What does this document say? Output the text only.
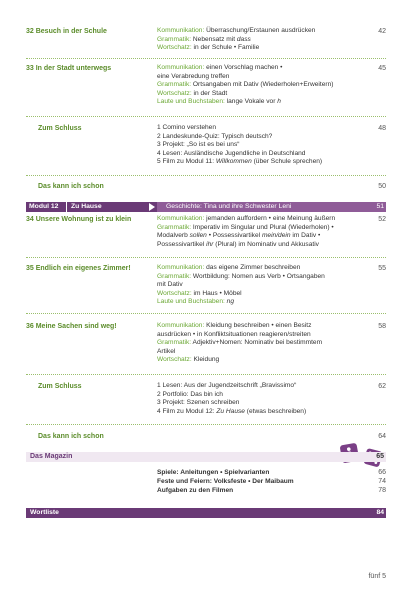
32 Besuch in der Schule	Kommunikation: Überraschung/Erstaunen ausdrücken
Grammatik: Nebensatz mit dass
Wortschatz: in der Schule • Familie
42
33 In der Stadt unterwegs	Kommunikation: einen Vorschlag machen •
eine Verabredung treffen
Grammatik: Ortsangaben mit Dativ (Wiederholen+Erweitern)
Wortschatz: in der Stadt
Laute und Buchstaben: lange Vokale vor h
45
Zum Schluss	1 Comino verstehen
2 Landeskunde-Quiz: Typisch deutsch?
3 Projekt: „So ist es bei uns“
4 Lesen: Ausländische Jugendliche in Deutschland
5 Film zu Modul 11: Willkommen (über Schule sprechen)
48
Das kann ich schon	50
Modul 12	Zu Hause	Geschichte: Tina und ihre Schwester Leni	51
34 Unsere Wohnung ist zu klein	Kommunikation: jemanden auffordern • eine Meinung äußern
Grammatik: Imperativ im Singular und Plural (Wiederholen) •
Modalverb sollen • Possessivartikel mein/dein im Dativ •
Possessivartikel ihr (Plural) im Nominativ und Akkusativ
52
35 Endlich ein eigenes Zimmer!	Kommunikation: das eigene Zimmer beschreiben
Grammatik: Wortbildung: Nomen aus Verb • Ortsangaben
mit Dativ
Wortschatz: im Haus • Möbel
Laute und Buchstaben: ng
55
36 Meine Sachen sind weg!	Kommunikation: Kleidung beschreiben • einen Besitz
ausdrücken • in Konfliktsituationen reagieren/streiten
Grammatik: Adjektiv+Nomen: Nominativ bei bestimmtem
Artikel
Wortschatz: Kleidung
58
Zum Schluss	1 Lesen: Aus der Jugendzeitschrift „Bravissimo“
2 Portfolio: Das bin ich
3 Projekt: Szenen schreiben
4 Film zu Modul 12: Zu Hause (etwas beschreiben)
62
Das kann ich schon	64
Das Magazin	65
Spiele: Anleitungen • Spielvarianten	66
Feste und Feiern: Volksfeste • Der Maibaum	74
Aufgaben zu den Filmen	78
Wortliste	84
fünf 5
